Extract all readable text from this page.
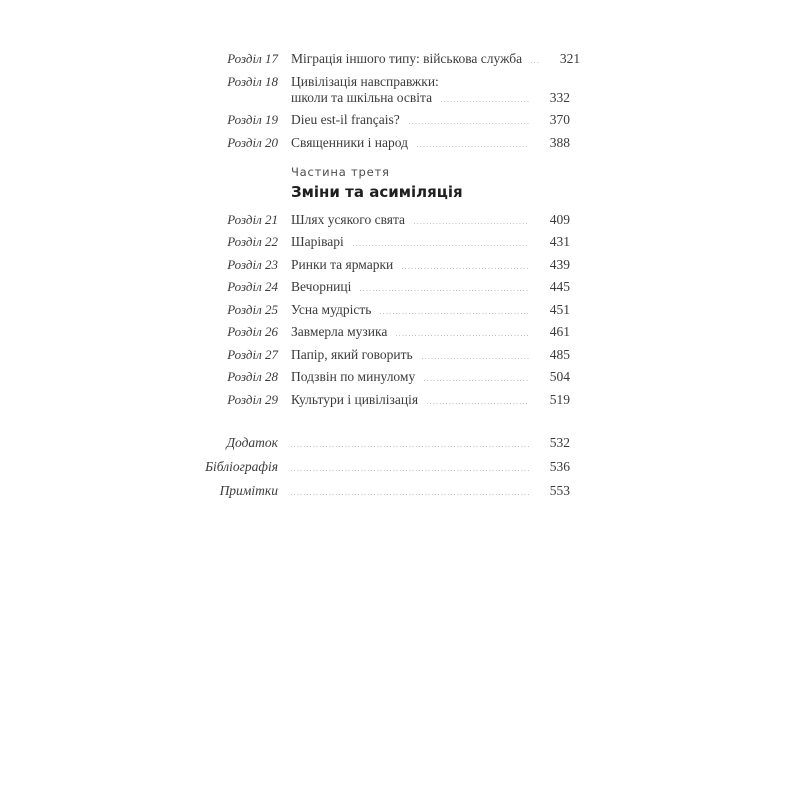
Розділ 17 Міграція іншого типу: військова служба	321
Розділ 18 Цивілізація навсправжки:
школи та шкільна освіта	332
Розділ 19 Dieu est-il français?	370
Розділ 20 Священники і народ	388
Частина третя
Зміни та асиміляція
Розділ 21 Шлях усякого свята	409
Розділ 22 Шаріварі	431
Розділ 23 Ринки та ярмарки	439
Розділ 24 Вечорниці	445
Розділ 25 Усна мудрість	451
Розділ 26 Завмерла музика	461
Розділ 27 Папір, який говорить	485
Розділ 28 Подзвін по минулому	504
Розділ 29 Культури і цивілізація	519
Додаток	532
Бібліографія	536
Примітки	553
